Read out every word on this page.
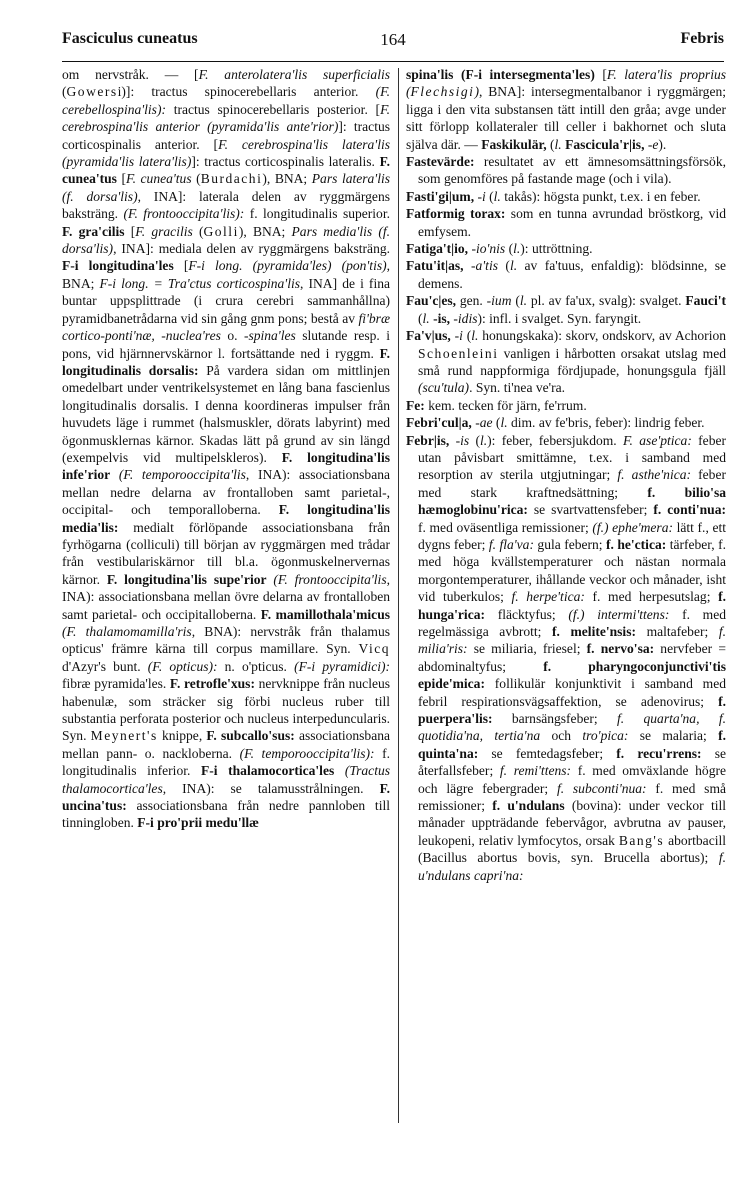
Fasciculus cuneatus	164	Febris

om nervstråk. — [F. anterolatera'lis superficialis (Gowersi)]: tractus spinocerebellaris anterior. (F. cerebellospina'lis): tractus spinocerebellaris posterior. [F. cerebrospina'lis anterior (pyramida'lis ante'rior)]: tractus corticospinalis anterior. [F. cerebrospina'lis latera'lis (pyramida'lis latera'lis)]: tractus corticospinalis lateralis. F. cunea'tus [F. cunea'tus (Burdachi), BNA; Pars latera'lis (f. dorsa'lis), INA]: laterala delen av ryggmärgens baksträng. (F. frontooccipita'lis): f. longitudinalis superior. F. gra'cilis [F. gracilis (Golli), BNA; Pars media'lis (f. dorsa'lis), INA]: mediala delen av ryggmärgens baksträng. F-i longitudina'les [F-i long. (pyramida'les) (pon'tis), BNA; F-i long. = Tra'ctus corticospina'lis, INA] de i fina buntar uppsplittrade (i crura cerebri sammanhållna) pyramidbanetrådarna vid sin gång gnm pons; bestå av fi'bræ cortico-ponti'næ, -nuclea'res o. -spina'les slutande resp. i pons, vid hjärnnervskärnor l. fortsättande ned i ryggm. F. longitudinalis dorsalis: På vardera sidan om mittlinjen omedelbart under ventrikelsystemet en lång bana fascienlus longitudinalis dorsalis. I denna koordineras impulser från huvudets läge i rummet (halsmuskler, dörats labyrint) med ögonmusklernas kärnor. Skadas lätt på grund av sin längd (exempelvis vid multipelskleros). F. longitudina'lis infe'rior (F. temporooccipita'lis, INA): associationsbana mellan nedre delarna av frontalloben samt parietal-, occipital- och temporalloberna. F. longitudina'lis media'lis: medialt förlöpande associationsbana från fyrhögarna (colliculi) till början av ryggmärgen med trådar från vestibulariskärnor till bl.a. ögonmuskelnervernas kärnor. F. longitudina'lis supe'rior (F. frontooccipita'lis, INA): associationsbana mellan övre delarna av frontalloben samt parietal- och occipitalloberna. F. mamillothala'micus (F. thalamomamilla'ris, BNA): nervstråk från thalamus opticus' främre kärna till corpus mamillare. Syn. Vicq d'Azyr's bunt. (F. opticus): n. o'pticus. (F-i pyramidici): fibræ pyramida'les. F. retrofle'xus: nervknippe från nucleus habenulæ, som sträcker sig förbi nucleus ruber till substantia perforata posterior och nucleus interpeduncularis. Syn. Meynert's knippe, F. subcallo'sus: associationsbana mellan pann- o. nackloberna. (F. temporooccipita'lis): f. longitudinalis inferior. F-i thalamocortica'les (Tractus thalamocortica'les, INA): se talamusstrålningen. F. uncina'tus: associationsbana från nedre pannloben till tinningloben. F-i pro'prii medu'llæ

spina'lis (F-i intersegmenta'les) [F. latera'lis proprius (Flechsigi), BNA]: intersegmentalbanor i ryggmärgen; ligga i den vita substansen tätt intill den gråa; avge under sitt förlopp kollateraler till celler i bakhornet och sluta själva där. — Faskikulär, (l. Fascicula'r|is, -e).

Fastevärde: resultatet av ett ämnesomsättningsförsök, som genomföres på fastande mage (och i vila).

Fasti'gi|um, -i (l. takås): högsta punkt, t.ex. i en feber.

Fatformig torax: som en tunna avrundad bröstkorg, vid emfysem.

Fatiga't|io, -io'nis (l.): uttröttning.

Fatu'it|as, -a'tis (l. av fa'tuus, enfaldig): blödsinne, se demens.

Fau'c|es, gen. -ium (l. pl. av fa'ux, svalg): svalget. Fauci't (l. -is, -idis): infl. i svalget. Syn. faryngit.

Fa'v|us, -i (l. honungskaka): skorv, ondskorv, av Achorion Schoenleini vanligen i hårbotten orsakat utslag med små rund nappformiga fördjupade, honungsgula fjäll (scu'tula). Syn. ti'nea ve'ra.

Fe: kem. tecken för järn, fe'rrum.

Febri'cul|a, -ae (l. dim. av fe'bris, feber): lindrig feber.

Febr|is, -is (l.): feber, febersjukdom. F. ase'ptica: feber utan påvisbart smittämne, t.ex. i samband med resorption av sterila utgjutningar; f. asthe'nica: feber med stark kraftnedsättning; f. bilio'sa hæmoglobinu'rica: se svartvattensfeber; f. conti'nua: f. med oväsentliga remissioner; (f.) ephe'mera: lätt f., ett dygns feber; f. fla'va: gula febern; f. he'ctica: tärfeber, f. med höga kvällstemperaturer och nästan normala morgontemperaturer, ihållande veckor och månader, isht vid tuberkulos; f. herpe'tica: f. med herpesutslag; f. hunga'rica: fläcktyfus; (f.) intermi'ttens: f. med regelmässiga avbrott; f. melite'nsis: maltafeber; f. milia'ris: se miliaria, friesel; f. nervo'sa: nervfeber = abdominaltyfus; f. pharyngoconjunctivi'tis epide'mica: follikulär konjunktivit i samband med febril respirationsvägsaffektion, se adenovirus; f. puerpera'lis: barnsängsfeber; f. quarta'na, f. quotidia'na, tertia'na och tro'pica: se malaria; f. quinta'na: se femtedagsfeber; f. recu'rrens: se återfallsfeber; f. remi'ttens: f. med omväxlande högre och lägre febergrader; f. subconti'nua: f. med små remissioner; f. u'ndulans (bovina): under veckor till månader uppträdande febervågor, avbrutna av pauser, leukopeni, relativ lymfocytos, orsak Bang's abortbacill (Bacillus abortus bovis, syn. Brucella abortus); f. u'ndulans capri'na:
